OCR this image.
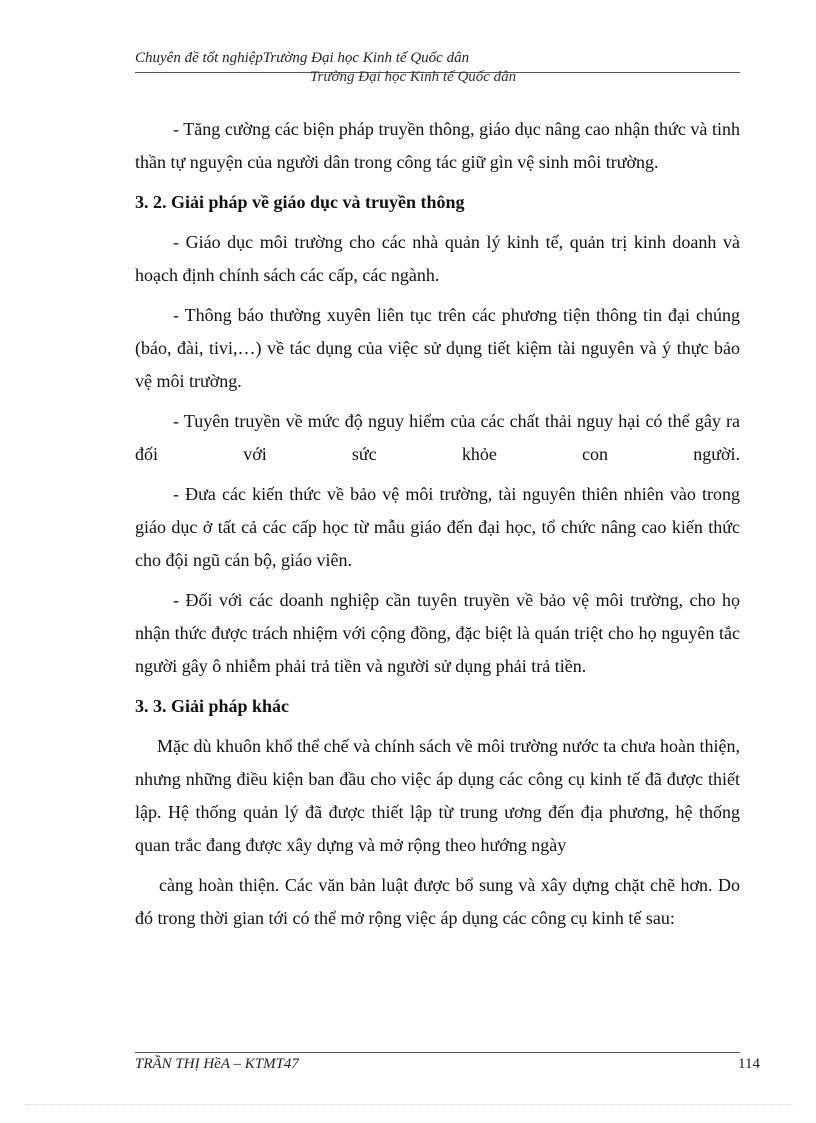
Chuyên đề tốt nghiệpTrường Đại học Kinh tế Quốc dân
Trường Đại học Kinh tế Quốc dân

- Tăng cường các biện pháp truyền thông, giáo dục nâng cao nhận thức và tinh thần tự nguyện của người dân trong công tác giữ gìn vệ sinh môi trường.

3. 2. Giải pháp về giáo dục và truyền thông

- Giáo dục môi trường cho các nhà quản lý kinh tế, quản trị kinh doanh và hoạch định chính sách các cấp, các ngành.

- Thông báo thường xuyên liên tục trên các phương tiện thông tin đại chúng (báo, đài, tivi,…) về tác dụng của việc sử dụng tiết kiệm tài nguyên và ý thực bảo vệ môi trường.

- Tuyên truyền về mức độ nguy hiểm của các chất thải nguy hại có thể gây ra đối với sức khỏe con người.

- Đưa các kiến thức về bảo vệ môi trường, tài nguyên thiên nhiên vào trong giáo dục ở tất cả các cấp học từ mẫu giáo đến đại học, tổ chức nâng cao kiến thức cho đội ngũ cán bộ, giáo viên.

- Đối với các doanh nghiệp cần tuyên truyền về bảo vệ môi trường, cho họ nhận thức được trách nhiệm với cộng đồng, đặc biệt là quán triệt cho họ nguyên tắc người gây ô nhiễm phải trả tiền và người sử dụng phải trả tiền.

3. 3. Giải pháp khác

Mặc dù khuôn khổ thể chế và chính sách về môi trường nước ta chưa hoàn thiện, nhưng những điều kiện ban đầu cho việc áp dụng các công cụ kinh tế đã được thiết lập. Hệ thống quản lý đã được thiết lập từ trung ương đến địa phương, hệ thống quan trắc đang được xây dựng và mở rộng theo hướng ngày

càng hoàn thiện. Các văn bản luật được bổ sung và xây dựng chặt chẽ hơn. Do đó trong thời gian tới có thể mở rộng việc áp dụng các công cụ kinh tế sau:

TRẦN THỊ HềA – KTMT47	114
